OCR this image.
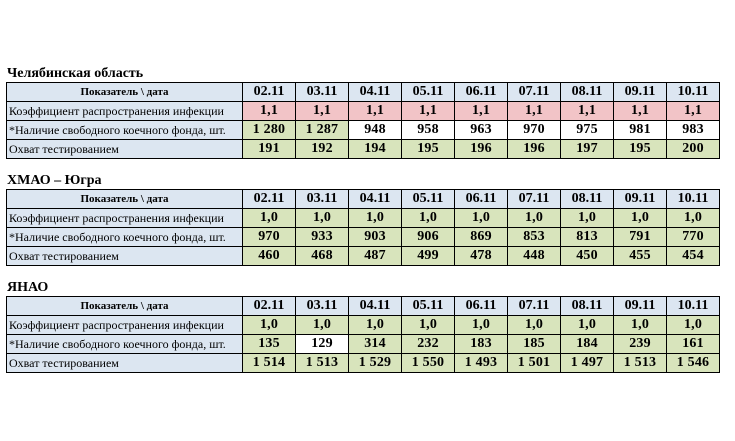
Челябинская область
Показатель \ дата	02.11	03.11	04.11	05.11	06.11	07.11	08.11	09.11	10.11
Коэффициент распространения инфекции	1,1	1,1	1,1	1,1	1,1	1,1	1,1	1,1	1,1
*Наличие свободного коечного фонда, шт.	1 280	1 287	948	958	963	970	975	981	983
Охват тестированием	191	192	194	195	196	196	197	195	200
ХМАО – Югра
Показатель \ дата	02.11	03.11	04.11	05.11	06.11	07.11	08.11	09.11	10.11
Коэффициент распространения инфекции	1,0	1,0	1,0	1,0	1,0	1,0	1,0	1,0	1,0
*Наличие свободного коечного фонда, шт.	970	933	903	906	869	853	813	791	770
Охват тестированием	460	468	487	499	478	448	450	455	454
ЯНАО
Показатель \ дата	02.11	03.11	04.11	05.11	06.11	07.11	08.11	09.11	10.11
Коэффициент распространения инфекции	1,0	1,0	1,0	1,0	1,0	1,0	1,0	1,0	1,0
*Наличие свободного коечного фонда, шт.	135	129	314	232	183	185	184	239	161
Охват тестированием	1 514	1 513	1 529	1 550	1 493	1 501	1 497	1 513	1 546
